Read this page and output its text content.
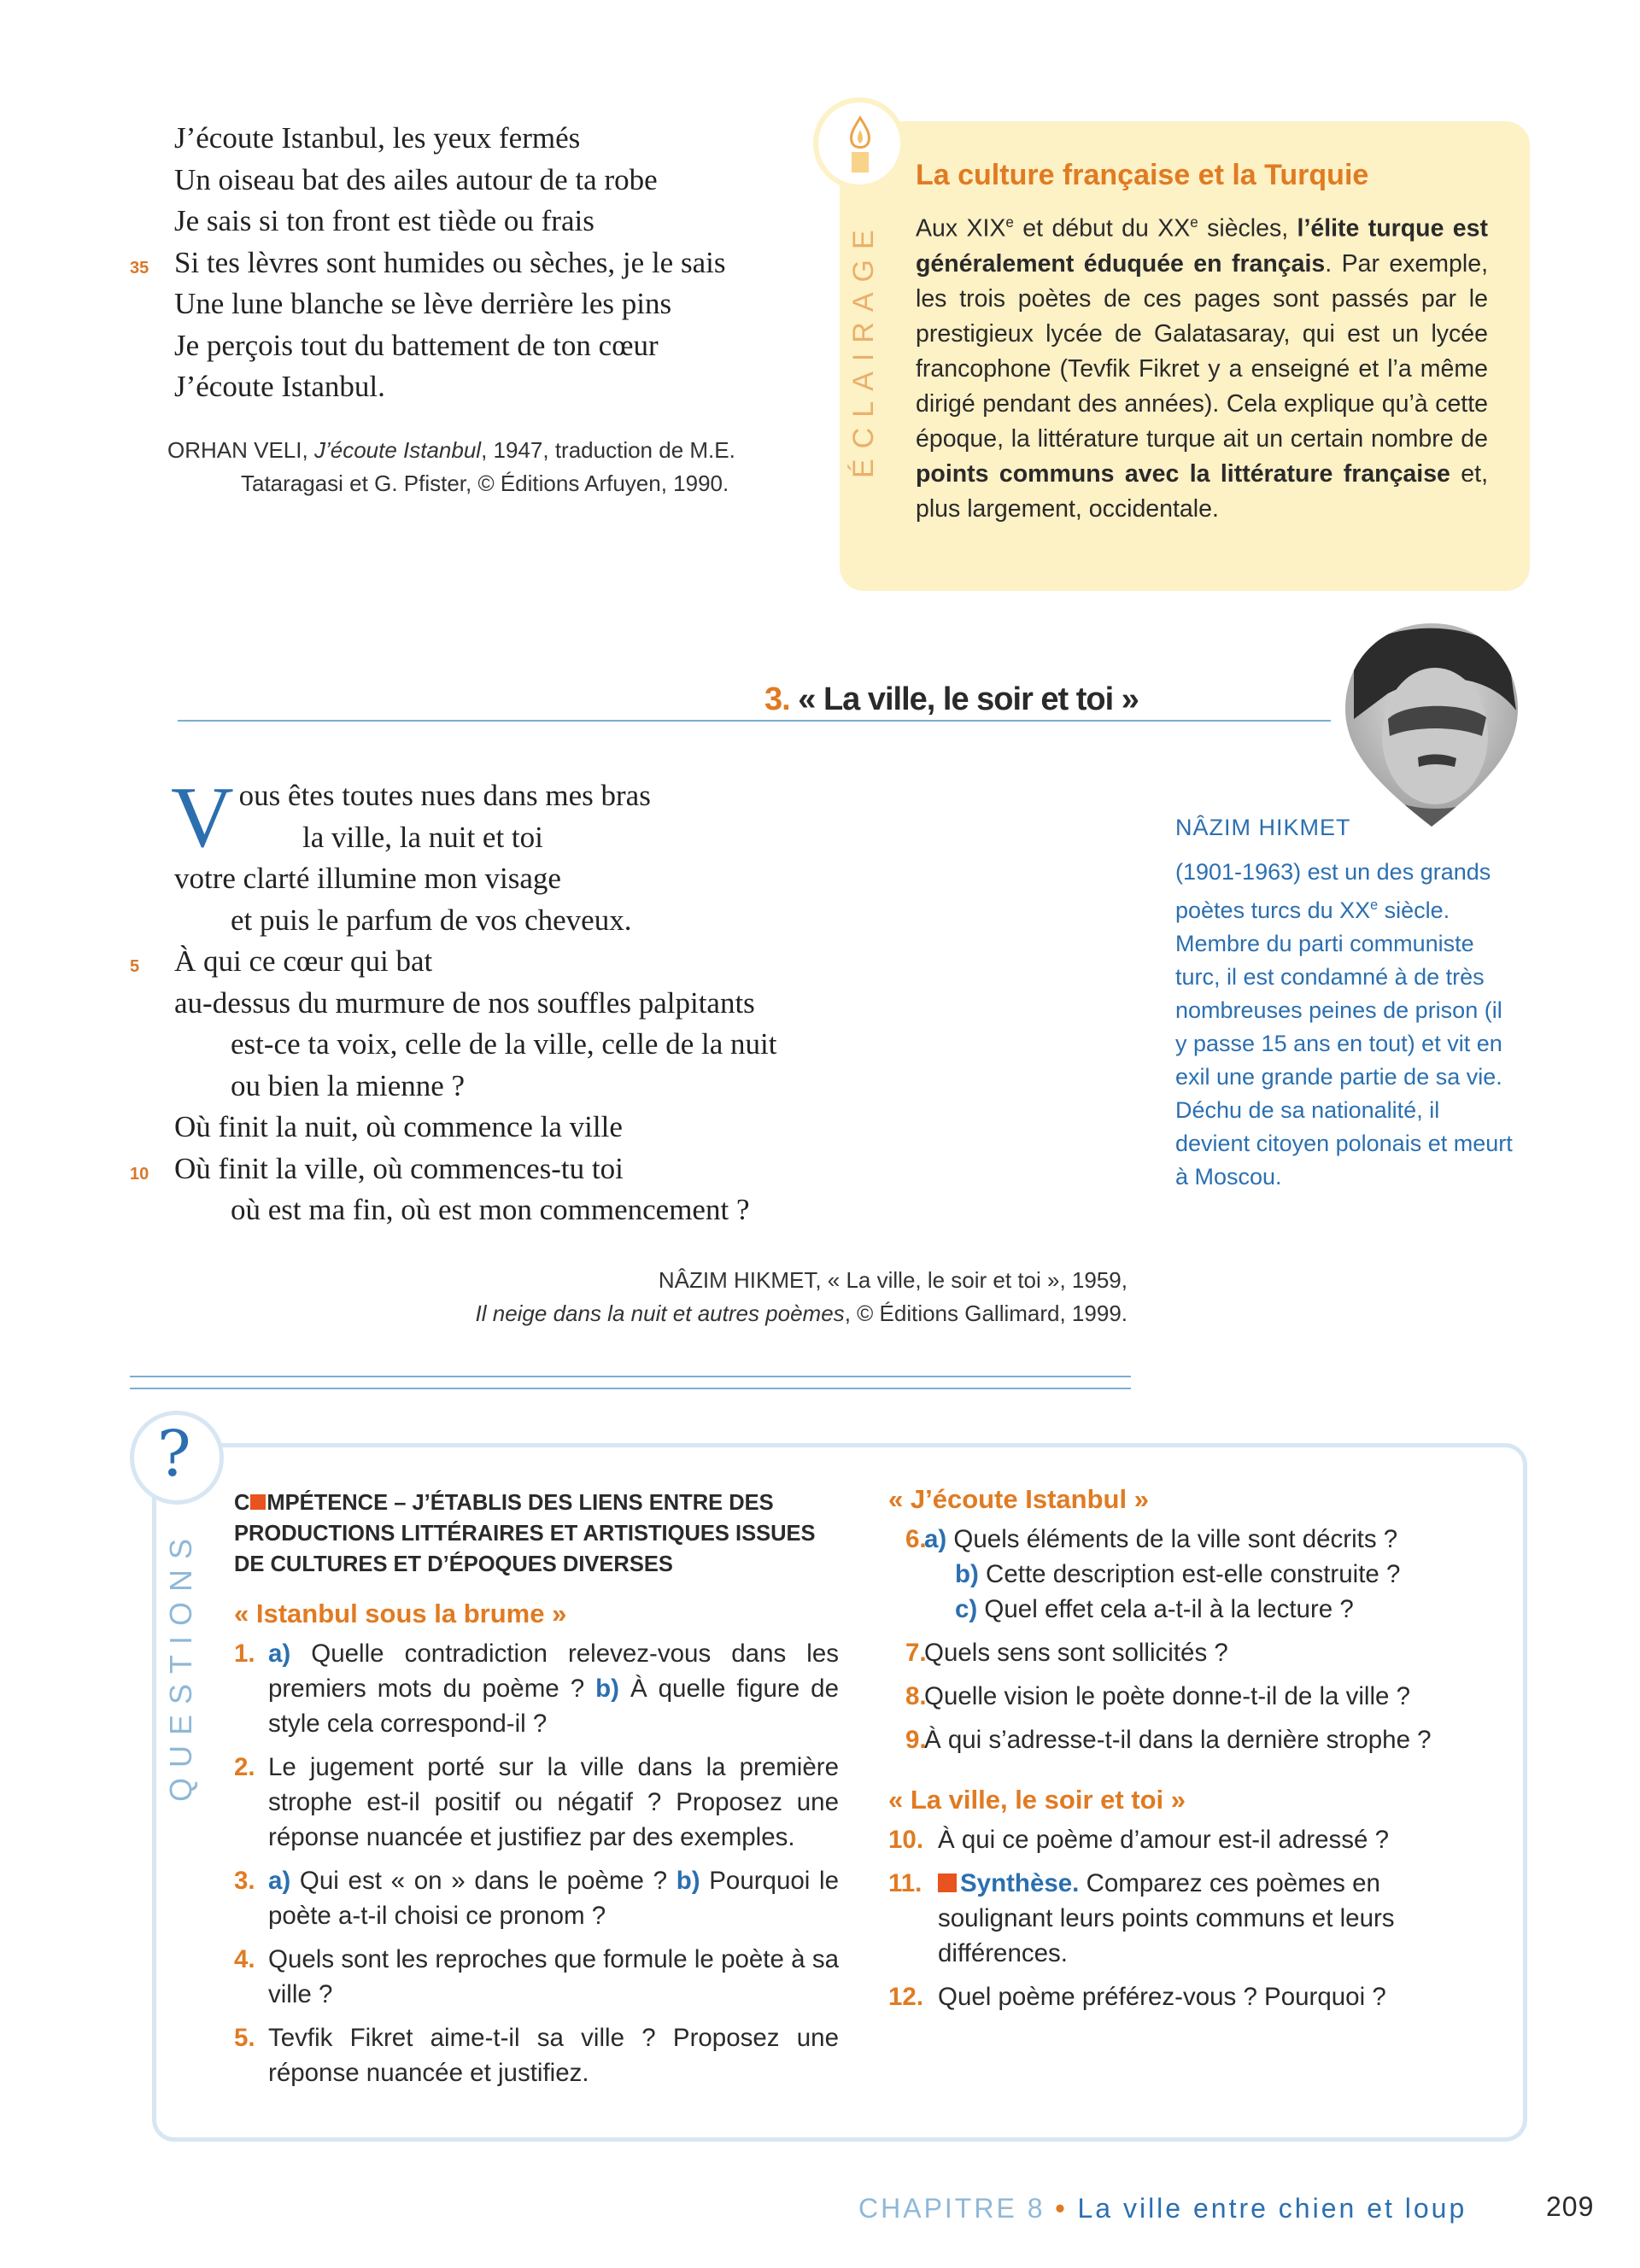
J’écoute Istanbul, les yeux fermés
Un oiseau bat des ailes autour de ta robe
Je sais si ton front est tiède ou frais
35 Si tes lèvres sont humides ou sèches, je le sais
Une lune blanche se lève derrière les pins
Je perçois tout du battement de ton cœur
J’écoute Istanbul.
ORHAN VELI, J’écoute Istanbul, 1947, traduction de M.E.
Tataragasi et G. Pfister, © Éditions Arfuyen, 1990.
ÉCLAIRAGE
La culture française et la Turquie
Aux XIXe et début du XXe siècles, l’élite turque est généralement éduquée en français. Par exemple, les trois poètes de ces pages sont passés par le prestigieux lycée de Galatasaray, qui est un lycée francophone (Tevfik Fikret y a enseigné et l’a même dirigé pendant des années). Cela explique qu’à cette époque, la littérature turque ait un certain nombre de points communs avec la littérature française et, plus largement, occidentale.
3. « La ville, le soir et toi »
Vous êtes toutes nues dans mes bras
la ville, la nuit et toi
votre clarté illumine mon visage
et puis le parfum de vos cheveux.
5 À qui ce cœur qui bat
au-dessus du murmure de nos souffles palpitants
est-ce ta voix, celle de la ville, celle de la nuit
ou bien la mienne ?
Où finit la nuit, où commence la ville
10 Où finit la ville, où commences-tu toi
où est ma fin, où est mon commencement ?
NÂZIM HIKMET, « La ville, le soir et toi », 1959,
Il neige dans la nuit et autres poèmes, © Éditions Gallimard, 1999.
NÂZIM HIKMET
(1901-1963) est un des grands poètes turcs du XXe siècle. Membre du parti communiste turc, il est condamné à de très nombreuses peines de prison (il y passe 15 ans en tout) et vit en exil une grande partie de sa vie. Déchu de sa nationalité, il devient citoyen polonais et meurt à Moscou.
?
QUESTIONS
C MPÉTENCE – J’ÉTABLIS DES LIENS ENTRE DES PRODUCTIONS LITTÉRAIRES ET ARTISTIQUES ISSUES DE CULTURES ET D’ÉPOQUES DIVERSES
« Istanbul sous la brume »
1. a) Quelle contradiction relevez-vous dans les premiers mots du poème ? b) À quelle figure de style cela correspond-il ?
2. Le jugement porté sur la ville dans la première strophe est-il positif ou négatif ? Proposez une réponse nuancée et justifiez par des exemples.
3. a) Qui est « on » dans le poème ? b) Pourquoi le poète a-t-il choisi ce pronom ?
4. Quels sont les reproches que formule le poète à sa ville ?
5. Tevfik Fikret aime-t-il sa ville ? Proposez une réponse nuancée et justifiez.
« J’écoute Istanbul »
6.
a) Quels éléments de la ville sont décrits ?
b) Cette description est-elle construite ?
c) Quel effet cela a-t-il à la lecture ?
7.
Quels sens sont sollicités ?
8.
Quelle vision le poète donne-t-il de la ville ?
9.
À qui s’adresse-t-il dans la dernière strophe ?
« La ville, le soir et toi »
10. À qui ce poème d’amour est-il adressé ?
11. Synthèse. Comparez ces poèmes en soulignant leurs points communs et leurs différences.
12. Quel poème préférez-vous ? Pourquoi ?
CHAPITRE 8 • La ville entre chien et loup	209
